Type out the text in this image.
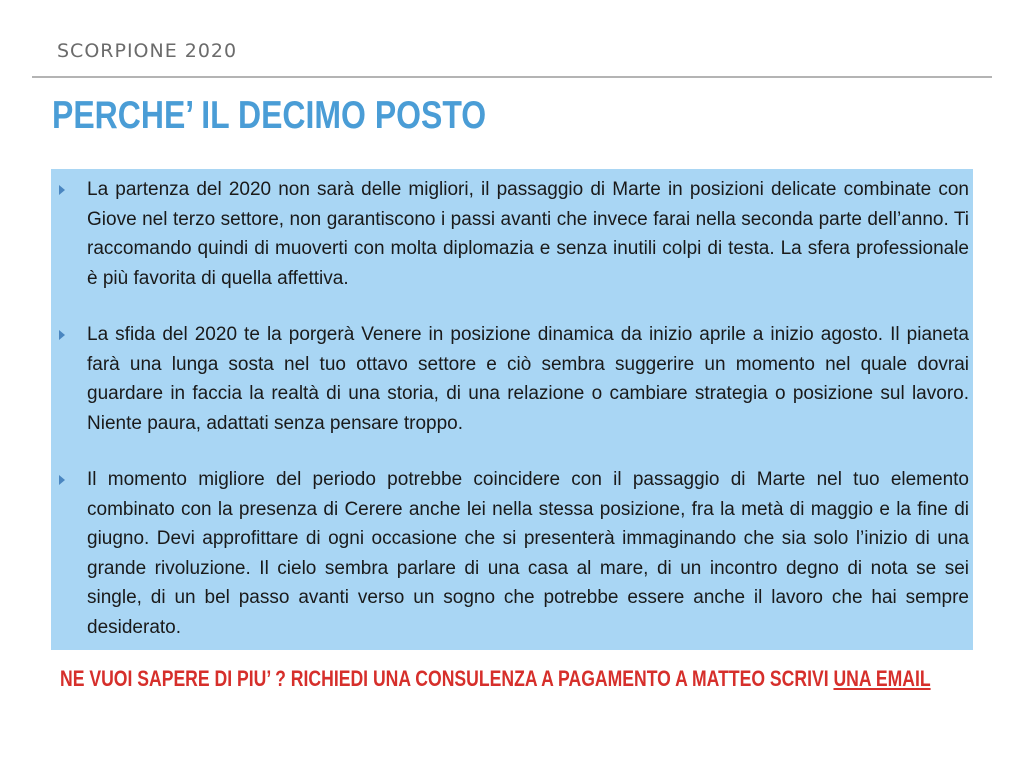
SCORPIONE 2020
PERCHE’ IL DECIMO POSTO
La partenza del 2020 non sarà delle migliori, il passaggio di Marte in posizioni delicate combinate con Giove nel terzo settore, non garantiscono i passi avanti che invece farai nella seconda parte dell’anno. Ti raccomando quindi di muoverti con molta diplomazia e senza inutili colpi di testa. La sfera professionale è più favorita di quella affettiva.
La sfida del 2020 te la porgerà Venere in posizione dinamica da inizio aprile a inizio agosto. Il pianeta farà una lunga sosta nel tuo ottavo settore e ciò sembra suggerire un momento nel quale dovrai guardare in faccia la realtà di una storia, di una relazione o cambiare strategia o posizione sul lavoro. Niente paura, adattati senza pensare troppo.
Il momento migliore del periodo potrebbe coincidere con il passaggio di Marte nel tuo elemento combinato con la presenza di Cerere anche lei nella stessa posizione, fra la metà di maggio e la fine di giugno. Devi approfittare di ogni occasione che si presenterà immaginando che sia solo l’inizio di una grande rivoluzione. Il cielo sembra parlare di una casa al mare, di un incontro degno di nota se sei single, di un bel passo avanti verso un sogno che potrebbe essere anche il lavoro che hai sempre desiderato.
NE VUOI SAPERE DI PIU’ ? RICHIEDI UNA CONSULENZA A PAGAMENTO A MATTEO SCRIVI UNA EMAIL
